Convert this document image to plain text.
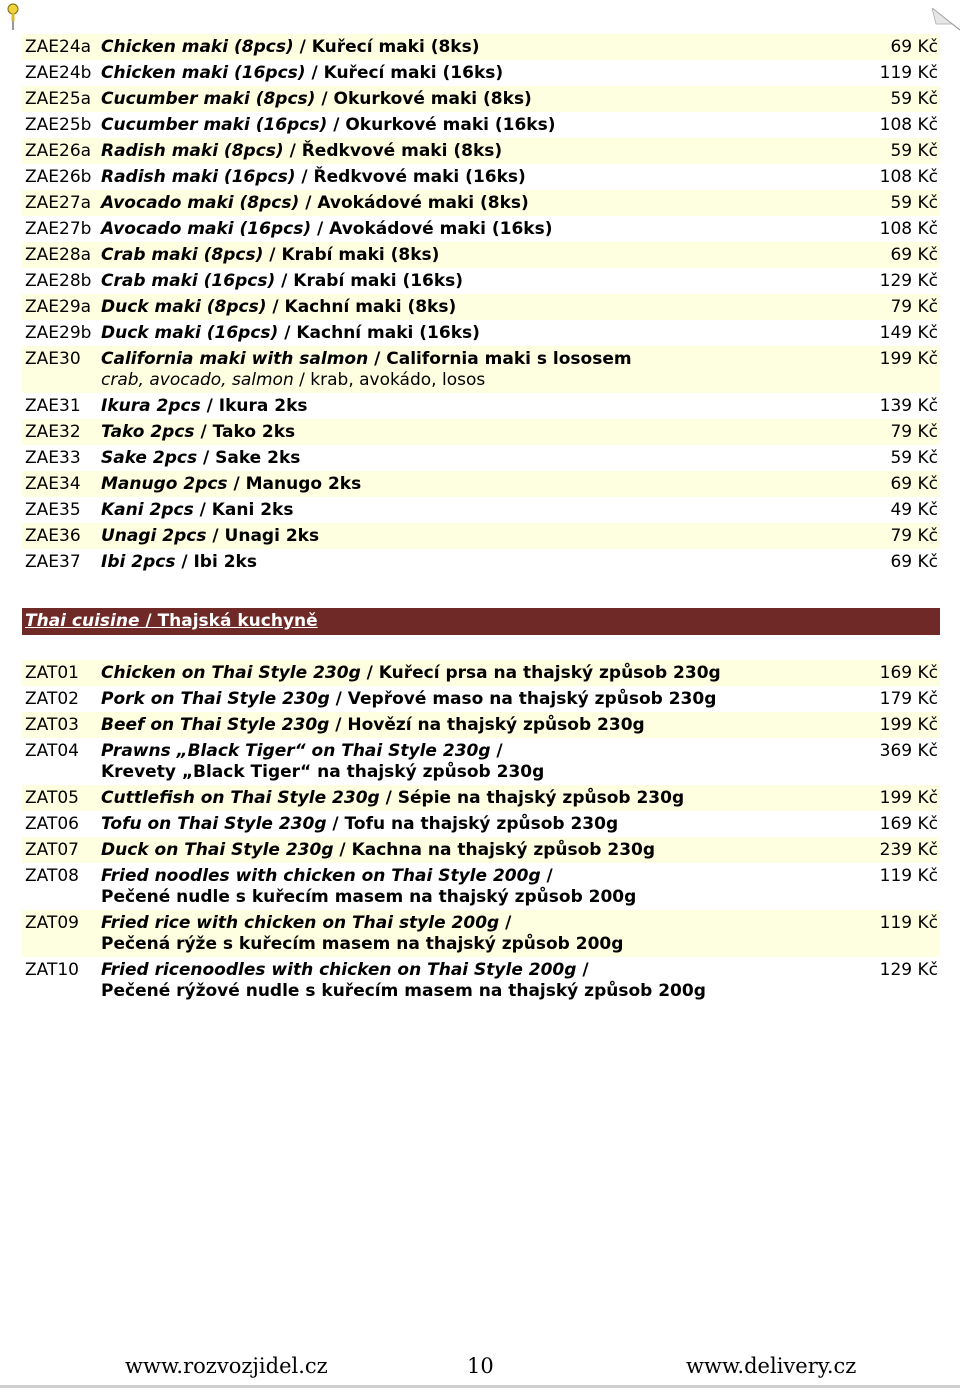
ZAE24a Chicken maki (8pcs) / Kuřecí maki (8ks)	69 Kč
ZAE24b Chicken maki (16pcs) / Kuřecí maki (16ks)	119 Kč
ZAE25a Cucumber maki (8pcs) / Okurkové maki (8ks)	59 Kč
ZAE25b Cucumber maki (16pcs) / Okurkové maki (16ks)	108 Kč
ZAE26a Radish maki (8pcs) / Ředkvové maki (8ks)	59 Kč
ZAE26b Radish maki (16pcs) / Ředkvové maki (16ks)	108 Kč
ZAE27a Avocado maki (8pcs) / Avokádové maki (8ks)	59 Kč
ZAE27b Avocado maki (16pcs) / Avokádové maki (16ks)	108 Kč
ZAE28a Crab maki (8pcs) / Krabí maki (8ks)	69 Kč
ZAE28b Crab maki (16pcs) / Krabí maki (16ks)	129 Kč
ZAE29a Duck maki (8pcs) / Kachní maki (8ks)	79 Kč
ZAE29b Duck maki (16pcs) / Kachní maki (16ks)	149 Kč
ZAE30	California maki with salmon / California maki s lososem
crab, avocado, salmon / krab, avokádo, losos
199 Kč
ZAE31	Ikura 2pcs / Ikura 2ks	139 Kč
ZAE32	Tako 2pcs / Tako 2ks	79 Kč
ZAE33	Sake 2pcs / Sake 2ks	59 Kč
ZAE34	Manugo 2pcs / Manugo 2ks	69 Kč
ZAE35	Kani 2pcs / Kani 2ks	49 Kč
ZAE36	Unagi 2pcs / Unagi 2ks	79 Kč
ZAE37	Ibi 2pcs / Ibi 2ks	69 Kč
Thai cuisine / Thajská kuchyně
ZAT01	Chicken on Thai Style 230g / Kuřecí prsa na thajský způsob 230g	169 Kč
ZAT02	Pork on Thai Style 230g / Vepřové maso na thajský způsob 230g	179 Kč
ZAT03	Beef on Thai Style 230g / Hovězí na thajský způsob 230g	199 Kč
ZAT04	Prawns „Black Tiger“ on Thai Style 230g /
Krevety „Black Tiger“ na thajský způsob 230g
369 Kč
ZAT05	Cuttlefish on Thai Style 230g / Sépie na thajský způsob 230g	199 Kč
ZAT06	Tofu on Thai Style 230g / Tofu na thajský způsob 230g	169 Kč
ZAT07	Duck on Thai Style 230g / Kachna na thajský způsob 230g	239 Kč
ZAT08	Fried noodles with chicken on Thai Style 200g /
Pečené nudle s kuřecím masem na thajský způsob 200g
119 Kč
ZAT09	Fried rice with chicken on Thai style 200g /
Pečená rýže s kuřecím masem na thajský způsob 200g
119 Kč
ZAT10	Fried ricenoodles with chicken on Thai Style 200g /
Pečené rýžové nudle s kuřecím masem na thajský způsob 200g
129 Kč
www.rozvozjidel.cz	10	www.delivery.cz
